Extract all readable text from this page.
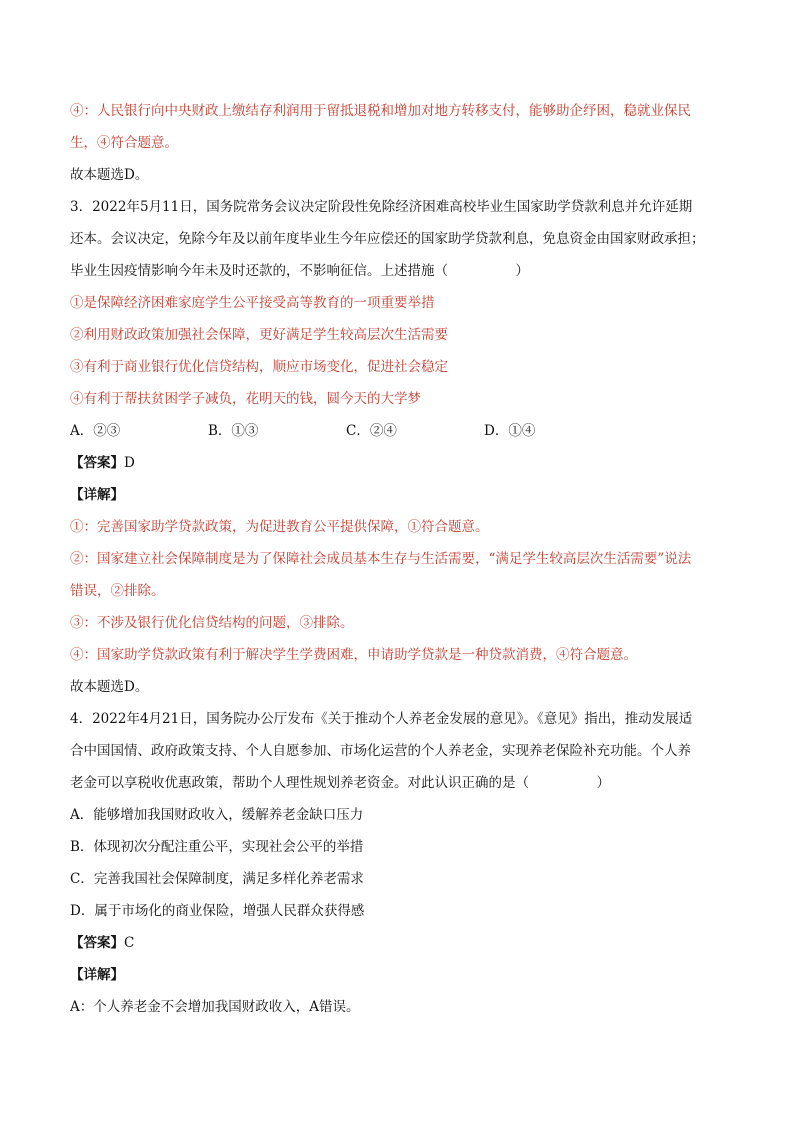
④：人民银行向中央财政上缴结存利润用于留抵退税和增加对地方转移支付，能够助企纾困，稳就业保民
生，④符合题意。
故本题选D。
3．2022年5月11日，国务院常务会议决定阶段性免除经济困难高校毕业生国家助学贷款利息并允许延期
还本。会议决定，免除今年及以前年度毕业生今年应偿还的国家助学贷款利息，免息资金由国家财政承担；
毕业生因疫情影响今年未及时还款的，不影响征信。上述措施（　　　　　）
①是保障经济困难家庭学生公平接受高等教育的一项重要举措
②利用财政政策加强社会保障，更好满足学生较高层次生活需要
③有利于商业银行优化信贷结构，顺应市场变化，促进社会稳定
④有利于帮扶贫困学子减负，花明天的钱，圆今天的大学梦
A．②③	B．①③	C．②④	D．①④
【答案】D
【详解】
①：完善国家助学贷款政策，为促进教育公平提供保障，①符合题意。
②：国家建立社会保障制度是为了保障社会成员基本生存与生活需要，“满足学生较高层次生活需要”说法
错误，②排除。
③：不涉及银行优化信贷结构的问题，③排除。
④：国家助学贷款政策有利于解决学生学费困难，申请助学贷款是一种贷款消费，④符合题意。
故本题选D。
4．2022年4月21日，国务院办公厅发布《关于推动个人养老金发展的意见》。《意见》指出，推动发展适
合中国国情、政府政策支持、个人自愿参加、市场化运营的个人养老金，实现养老保险补充功能。个人养
老金可以享税收优惠政策，帮助个人理性规划养老资金。对此认识正确的是（　　　　　）
A．能够增加我国财政收入，缓解养老金缺口压力
B．体现初次分配注重公平，实现社会公平的举措
C．完善我国社会保障制度，满足多样化养老需求
D．属于市场化的商业保险，增强人民群众获得感
【答案】C
【详解】
A：个人养老金不会增加我国财政收入，A错误。
